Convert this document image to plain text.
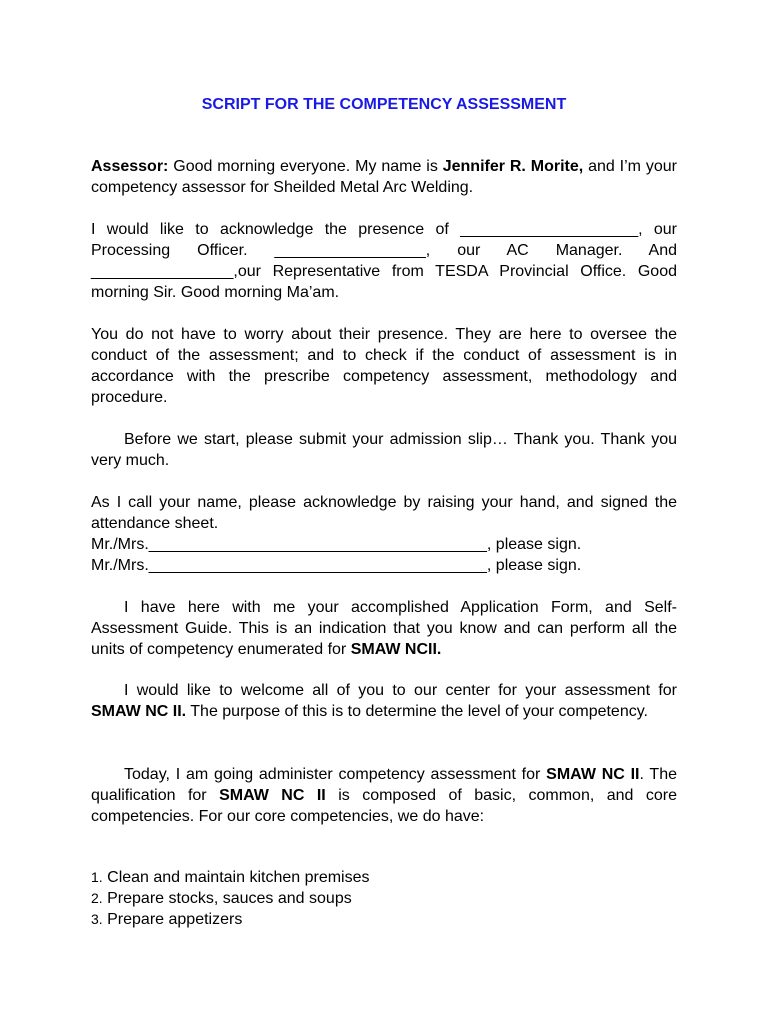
SCRIPT FOR THE COMPETENCY ASSESSMENT

Assessor: Good morning everyone. My name is Jennifer R. Morite, and I’m your competency assessor for Sheilded Metal Arc Welding.

I would like to acknowledge the presence of ____________________, our Processing Officer. _________________, our AC Manager. And ________________,our Representative from TESDA Provincial Office. Good morning Sir. Good morning Ma’am.

You do not have to worry about their presence. They are here to oversee the conduct of the assessment; and to check if the conduct of assessment is in accordance with the prescribe competency assessment, methodology and procedure.

Before we start, please submit your admission slip… Thank you. Thank you very much.

As I call your name, please acknowledge by raising your hand, and signed the attendance sheet.

Mr./Mrs.______________________________________, please sign.
Mr./Mrs.______________________________________, please sign.

I have here with me your accomplished Application Form, and Self-Assessment Guide. This is an indication that you know and can perform all the units of competency enumerated for SMAW NCII.

I would like to welcome all of you to our center for your assessment for SMAW NC II. The purpose of this is to determine the level of your competency.

Today, I am going administer competency assessment for SMAW NC II. The qualification for SMAW NC II is composed of basic, common, and core competencies. For our core competencies, we do have:

1. Clean and maintain kitchen premises
2. Prepare stocks, sauces and soups
3. Prepare appetizers
